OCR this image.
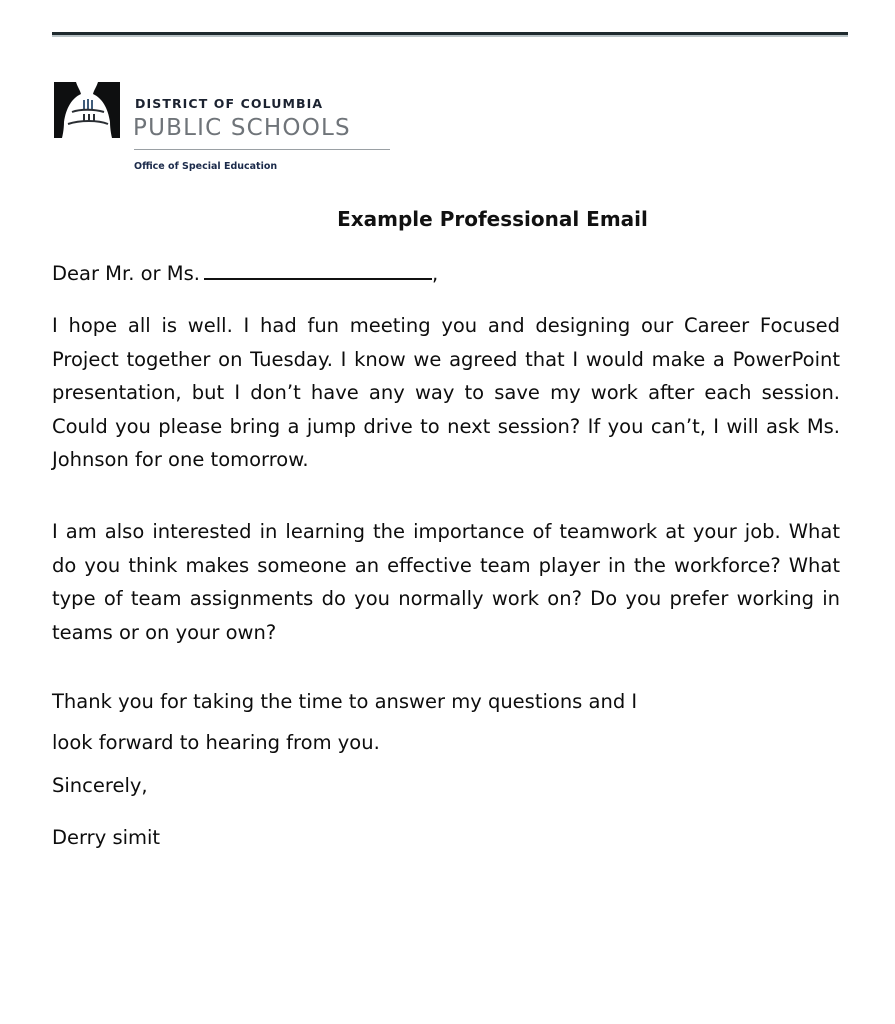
DISTRICT OF COLUMBIA
PUBLIC SCHOOLS
Office of Special Education
Example Professional Email
Dear Mr. or Ms.	,
I hope all is well. I had fun meeting you and designing our Career Focused Project together on Tuesday. I know we agreed that I would make a PowerPoint presentation, but I don’t have any way to save my work after each session. Could you please bring a jump drive to next session? If you can’t, I will ask Ms. Johnson for one tomorrow.
I am also interested in learning the importance of teamwork at your job. What do you think makes someone an effective team player in the workforce? What type of team assignments do you normally work on? Do you prefer working in teams or on your own?
Thank you for taking the time to answer my questions and I
look forward to hearing from you.
Sincerely,
Derry simit
